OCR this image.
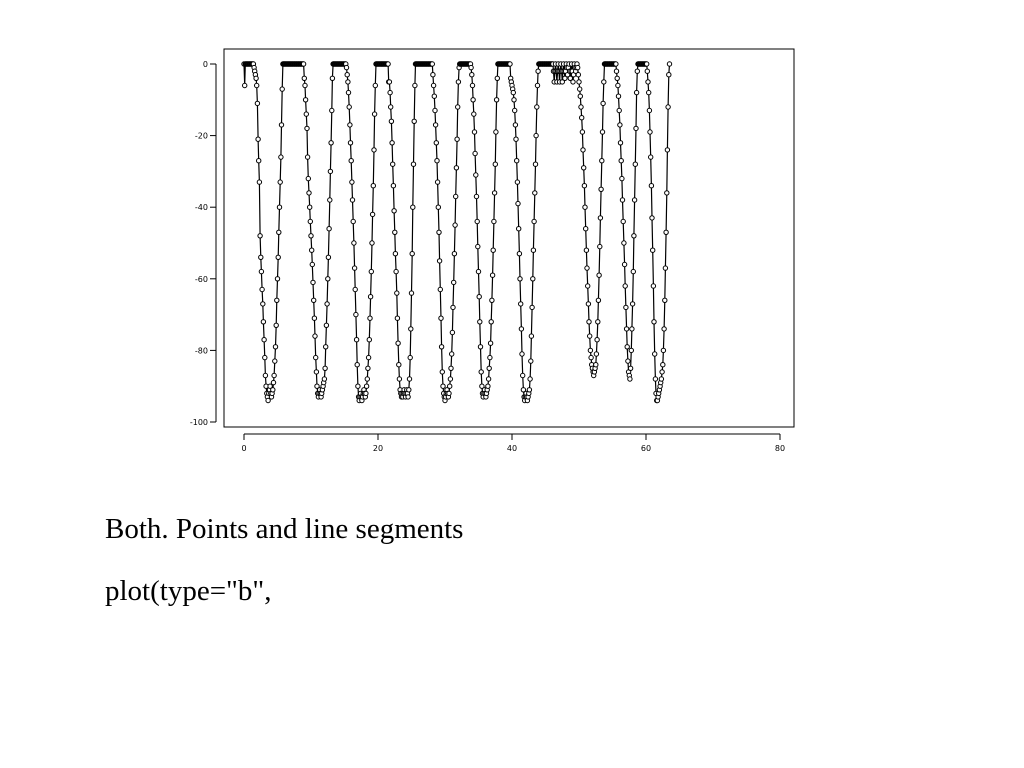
0	20	40	60	80
0
-20
-40
-60
-80
-100
Both. Points and line segments
plot(type="b",
